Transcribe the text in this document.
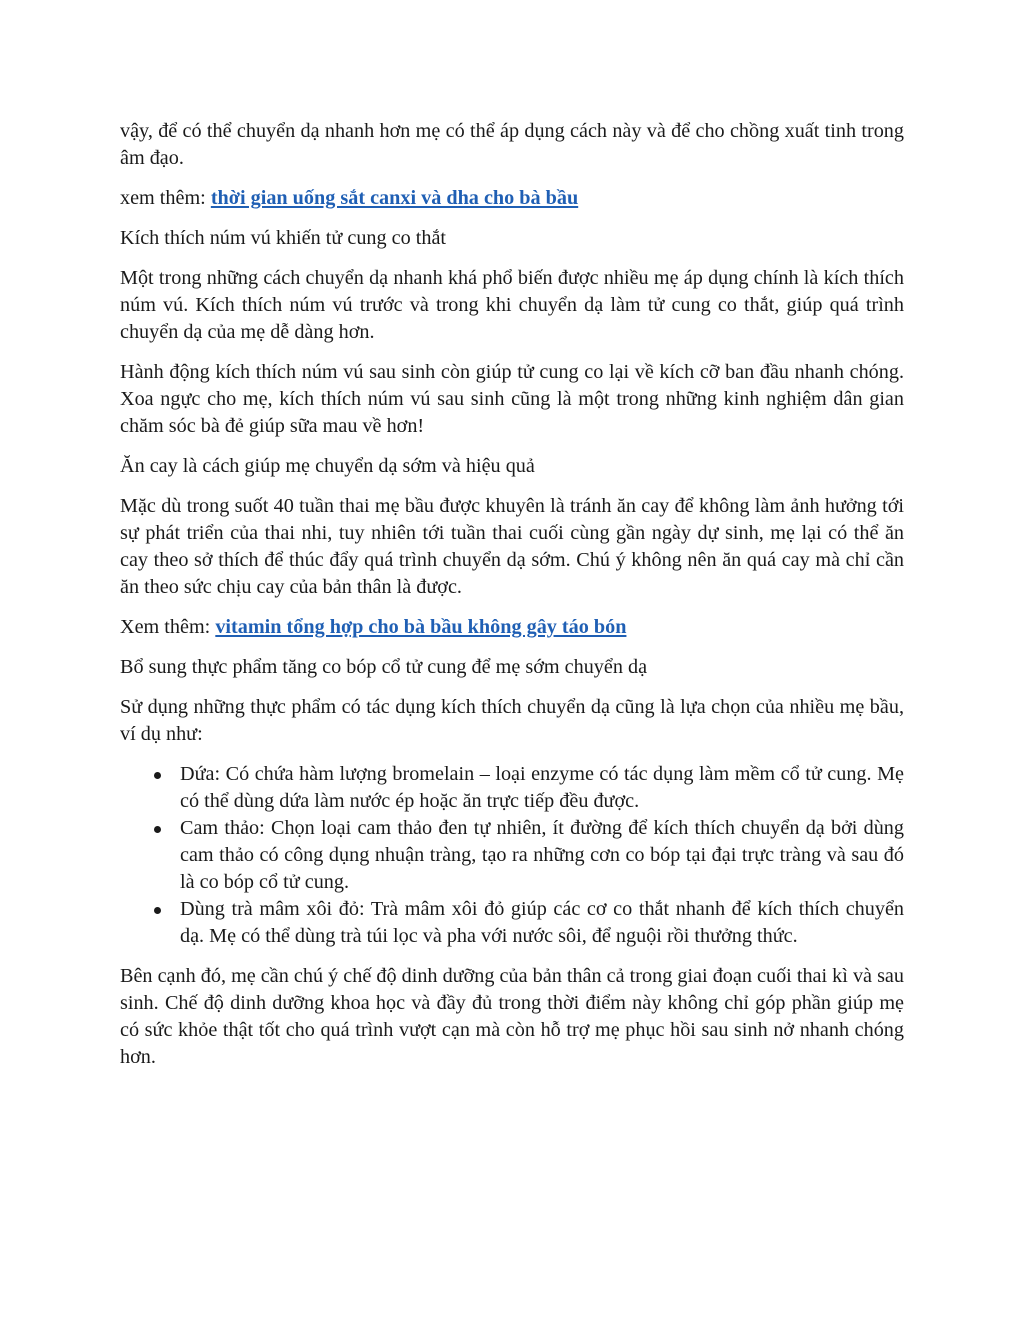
vậy, để có thể chuyển dạ nhanh hơn mẹ có thể áp dụng cách này và để cho chồng xuất tinh trong âm đạo.

xem thêm: thời gian uống sắt canxi và dha cho bà bầu

Kích thích núm vú khiến tử cung co thắt

Một trong những cách chuyển dạ nhanh khá phổ biến được nhiều mẹ áp dụng chính là kích thích núm vú. Kích thích núm vú trước và trong khi chuyển dạ làm tử cung co thắt, giúp quá trình chuyển dạ của mẹ dễ dàng hơn.

Hành động kích thích núm vú sau sinh còn giúp tử cung co lại về kích cỡ ban đầu nhanh chóng. Xoa ngực cho mẹ, kích thích núm vú sau sinh cũng là một trong những kinh nghiệm dân gian chăm sóc bà đẻ giúp sữa mau về hơn!

Ăn cay là cách giúp mẹ chuyển dạ sớm và hiệu quả

Mặc dù trong suốt 40 tuần thai mẹ bầu được khuyên là tránh ăn cay để không làm ảnh hưởng tới sự phát triển của thai nhi, tuy nhiên tới tuần thai cuối cùng gần ngày dự sinh, mẹ lại có thể ăn cay theo sở thích để thúc đẩy quá trình chuyển dạ sớm. Chú ý không nên ăn quá cay mà chỉ cần ăn theo sức chịu cay của bản thân là được.

Xem thêm: vitamin tổng hợp cho bà bầu không gây táo bón

Bổ sung thực phẩm tăng co bóp cổ tử cung để mẹ sớm chuyển dạ

Sử dụng những thực phẩm có tác dụng kích thích chuyển dạ cũng là lựa chọn của nhiều mẹ bầu, ví dụ như:

Dứa: Có chứa hàm lượng bromelain – loại enzyme có tác dụng làm mềm cổ tử cung. Mẹ có thể dùng dứa làm nước ép hoặc ăn trực tiếp đều được.
Cam thảo: Chọn loại cam thảo đen tự nhiên, ít đường để kích thích chuyển dạ bởi dùng cam thảo có công dụng nhuận tràng, tạo ra những cơn co bóp tại đại trực tràng và sau đó là co bóp cổ tử cung.
Dùng trà mâm xôi đỏ: Trà mâm xôi đỏ giúp các cơ co thắt nhanh để kích thích chuyển dạ. Mẹ có thể dùng trà túi lọc và pha với nước sôi, để nguội rồi thưởng thức.

Bên cạnh đó, mẹ cần chú ý chế độ dinh dưỡng của bản thân cả trong giai đoạn cuối thai kì và sau sinh. Chế độ dinh dưỡng khoa học và đầy đủ trong thời điểm này không chỉ góp phần giúp mẹ có sức khỏe thật tốt cho quá trình vượt cạn mà còn hỗ trợ mẹ phục hồi sau sinh nở nhanh chóng hơn.
